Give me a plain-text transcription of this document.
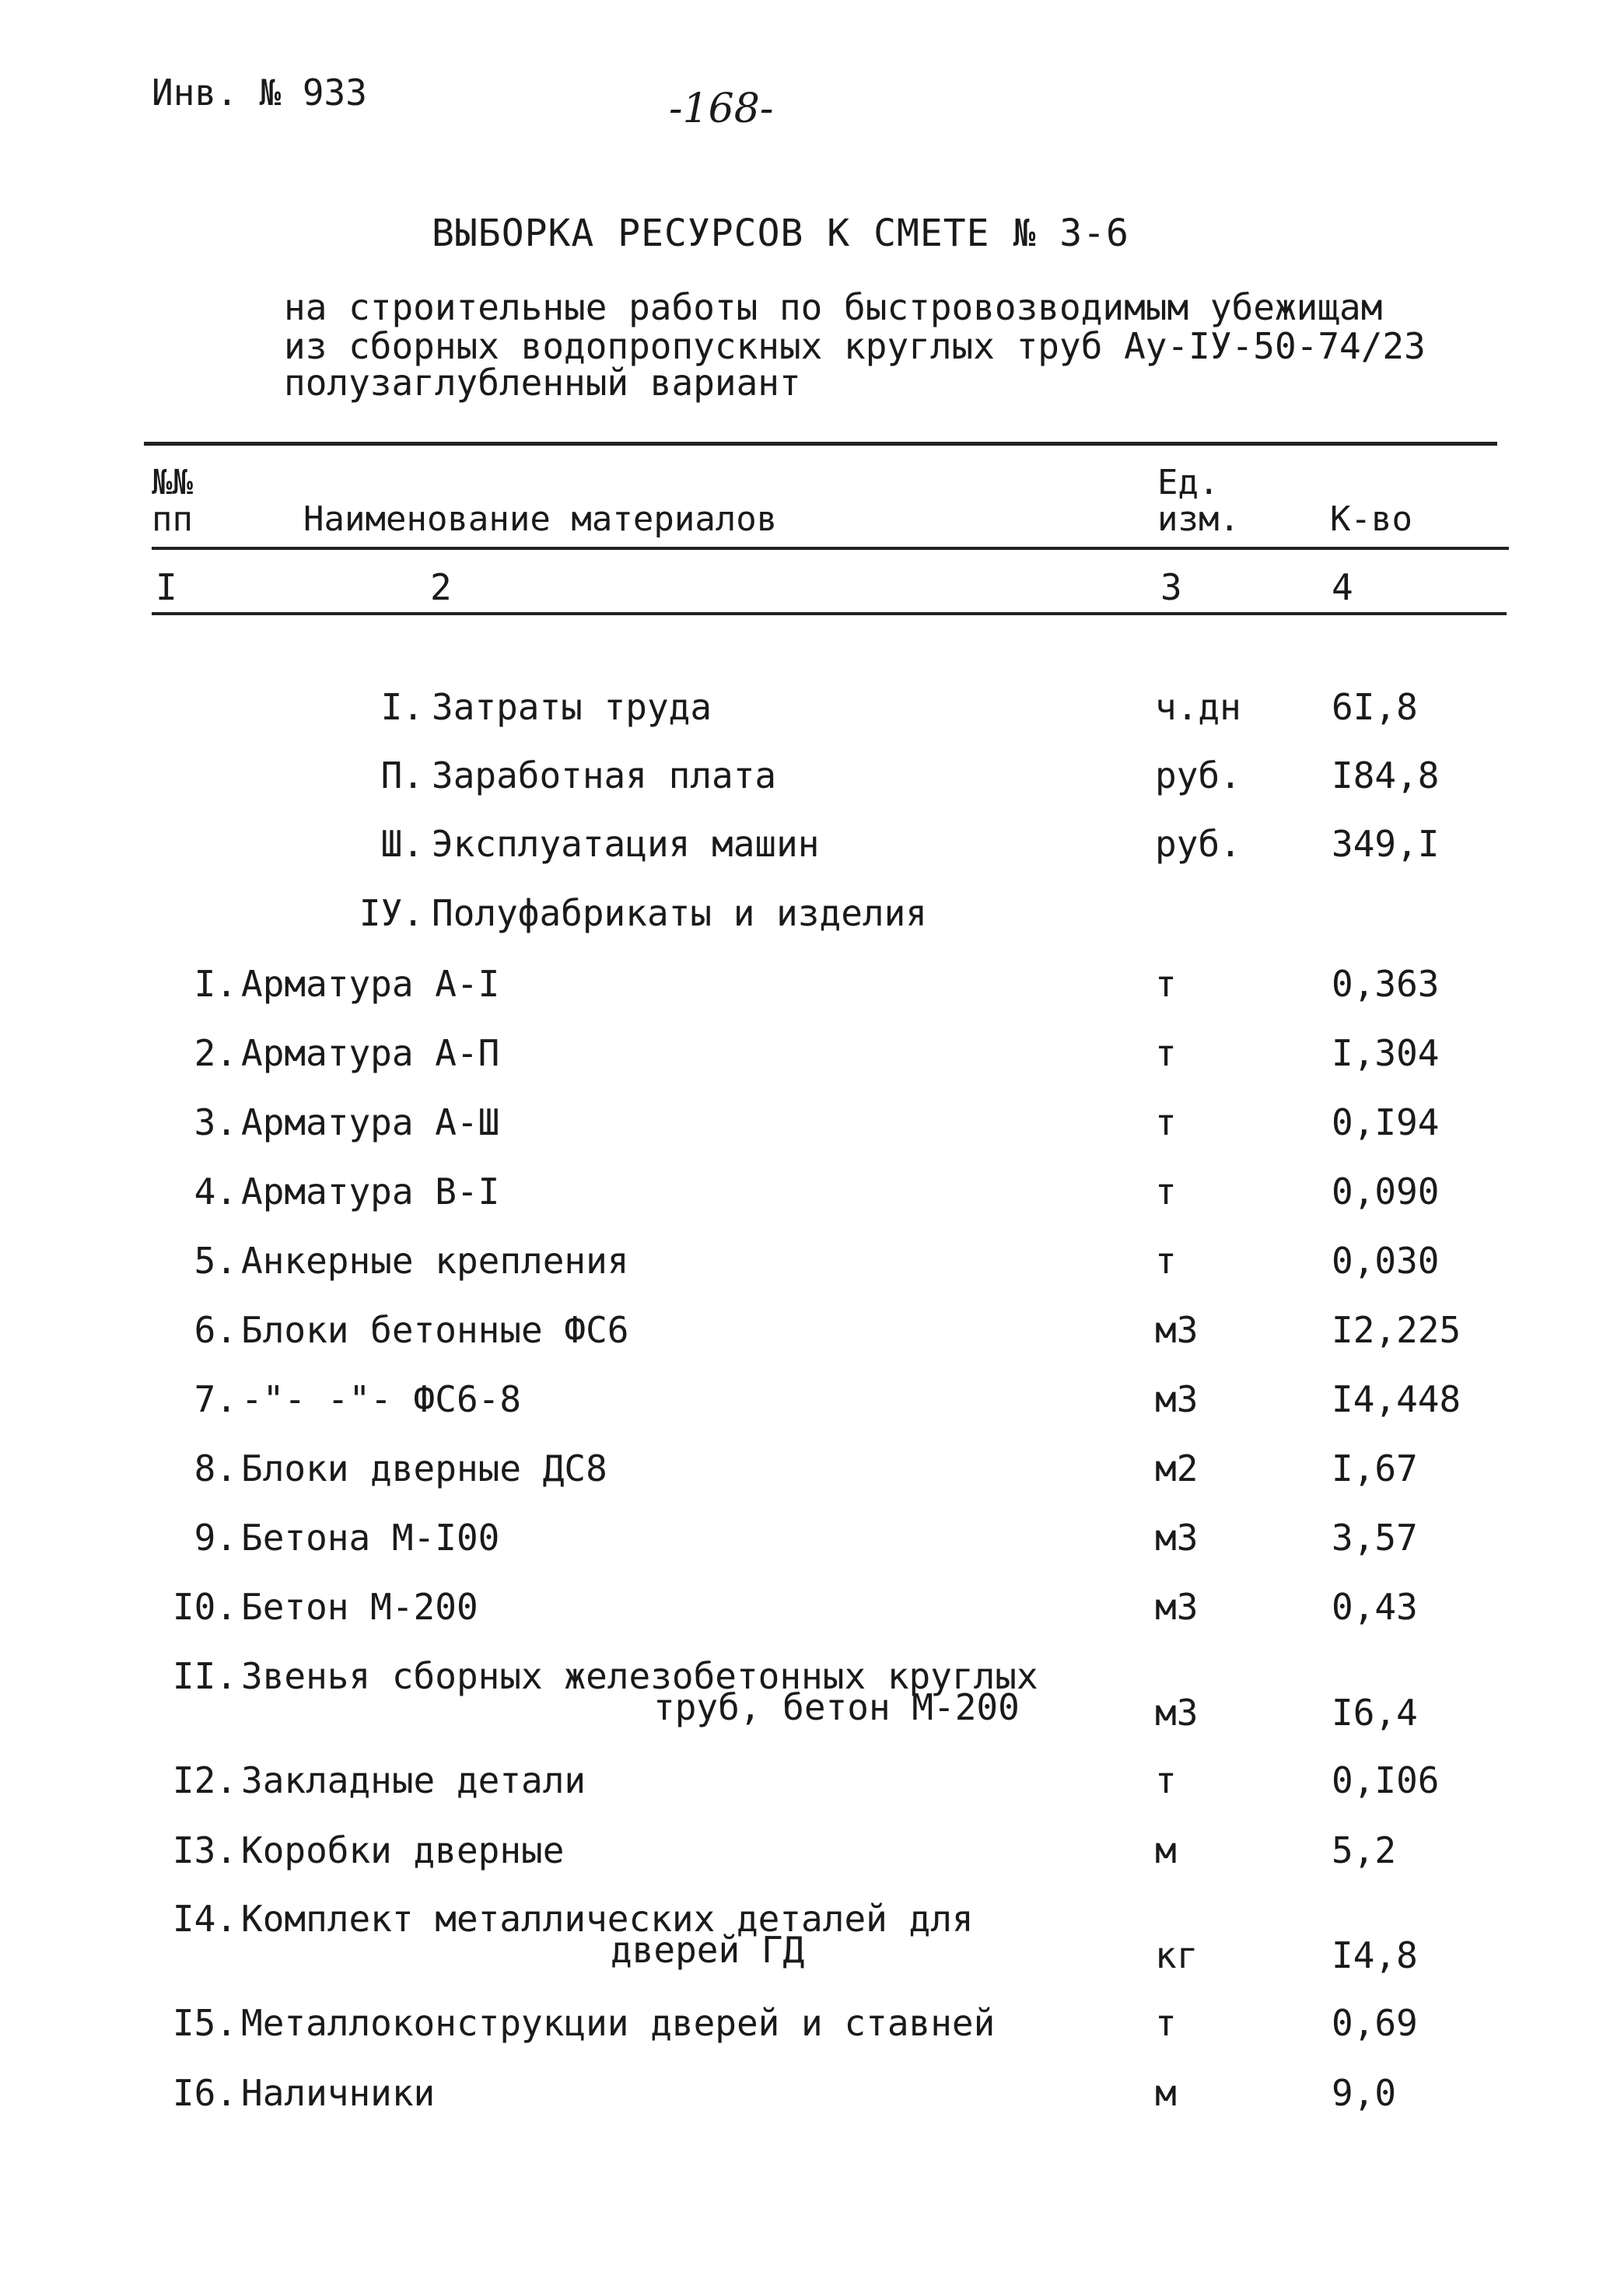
Инв. № 933	-168-
ВЫБОРКА РЕСУРСОВ К СМЕТЕ № 3-6
на строительные работы по быстровозводимым убежищам
из сборных водопропускных круглых труб Ау-IУ-50-74/23
полузаглубленный вариант
№№
пп	Наименование материалов
Ед.
изм.	К-во
I	2	3	4
I. Затраты труда	ч.дн	6I,8
П. Заработная плата	руб.	I84,8
Ш. Эксплуатация машин	руб.	349,I
IУ. Полуфабрикаты и изделия
I. Арматура А-I	т	0,363
2. Арматура А-П	т	I,304
3. Арматура А-Ш	т	0,I94
4. Арматура В-I	т	0,090
5. Анкерные крепления	т	0,030
6. Блоки бетонные ФС6	м3	I2,225
7. -"- -"- ФС6-8	м3	I4,448
8. Блоки дверные ДС8	м2	I,67
9. Бетона М-I00	м3	3,57
I0. Бетон М-200	м3	0,43
II. Звенья сборных железобетонных круглых
труб, бетон М-200	м3	I6,4
I2. Закладные детали	т	0,I06
I3. Коробки дверные	м	5,2
I4. Комплект металлических деталей для
дверей ГД	кг	I4,8
I5. Металлоконструкции дверей и ставней	т	0,69
I6. Наличники	м	9,0
